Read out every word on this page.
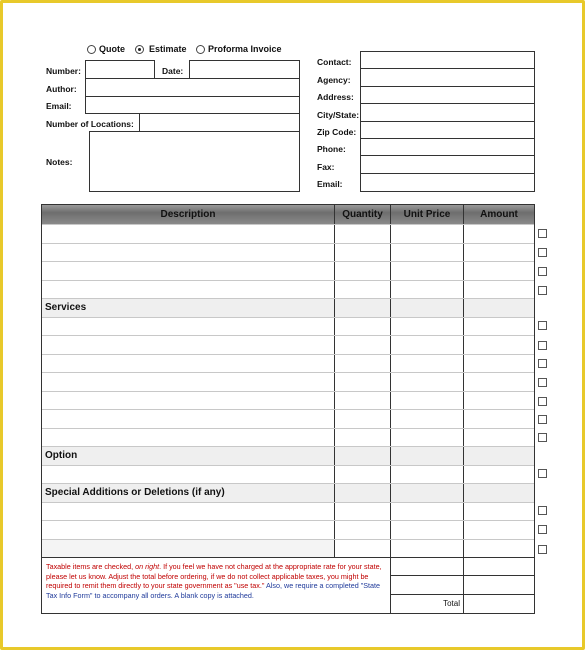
Quote	Estimate Proforma Invoice
Number:	Date:
Author:
Email:
Number of Locations:
Notes:
Contact:
Agency:
Address:
City/State:
Zip Code:
Phone:
Fax:
Email:
Description	Quantity	Unit Price	Amount
Services
Option
Special Additions or Deletions (if any)
Taxable items are checked, on right. If you feel we have not charged at the appropriate rate for your state, please let us know. Adjust the total before ordering, if we do not collect applicable taxes, you might be required to remit them directly to your state government as "use tax." Also, we require a completed "State Tax Info Form" to accompany all orders. A blank copy is attached.
Total
